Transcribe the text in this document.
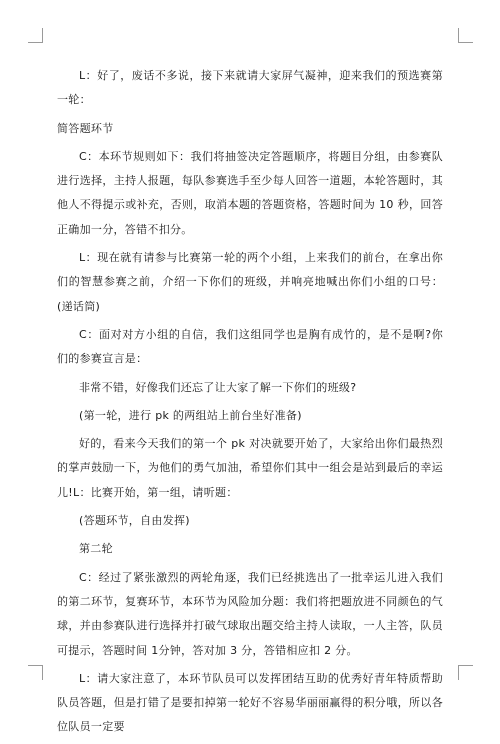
L：好了，废话不多说，接下来就请大家屏气凝神，迎来我们的预选赛第一轮：

简答题环节

C：本环节规则如下：我们将抽签决定答题顺序，将题目分组，由参赛队进行选择，主持人报题，每队参赛选手至少每人回答一道题，本轮答题时，其他人不得提示或补充，否则，取消本题的答题资格，答题时间为 10 秒，回答正确加一分，答错不扣分。

L：现在就有请参与比赛第一轮的两个小组，上来我们的前台，在拿出你们的智慧参赛之前，介绍一下你们的班级，并响亮地喊出你们小组的口号：(递话筒)

C：面对对方小组的自信，我们这组同学也是胸有成竹的，是不是啊?你们的参赛宣言是：

非常不错，好像我们还忘了让大家了解一下你们的班级?

(第一轮，进行 pk 的两组站上前台坐好准备)

好的，看来今天我们的第一个 pk 对决就要开始了，大家给出你们最热烈的掌声鼓励一下，为他们的勇气加油，希望你们其中一组会是站到最后的幸运儿!L：比赛开始，第一组，请听题：

(答题环节，自由发挥)

第二轮

C：经过了紧张激烈的两轮角逐，我们已经挑选出了一批幸运儿进入我们的第二环节，复赛环节，本环节为风险加分题：我们将把题放进不同颜色的气球，并由参赛队进行选择并打破气球取出题交给主持人读取，一人主答，队员可提示，答题时间 1分钟，答对加 3 分，答错相应扣 2 分。

L：请大家注意了，本环节队员可以发挥团结互助的优秀好青年特质帮助队员答题，但是打错了是要扣掉第一轮好不容易华丽丽赢得的积分哦，所以各位队员一定要
